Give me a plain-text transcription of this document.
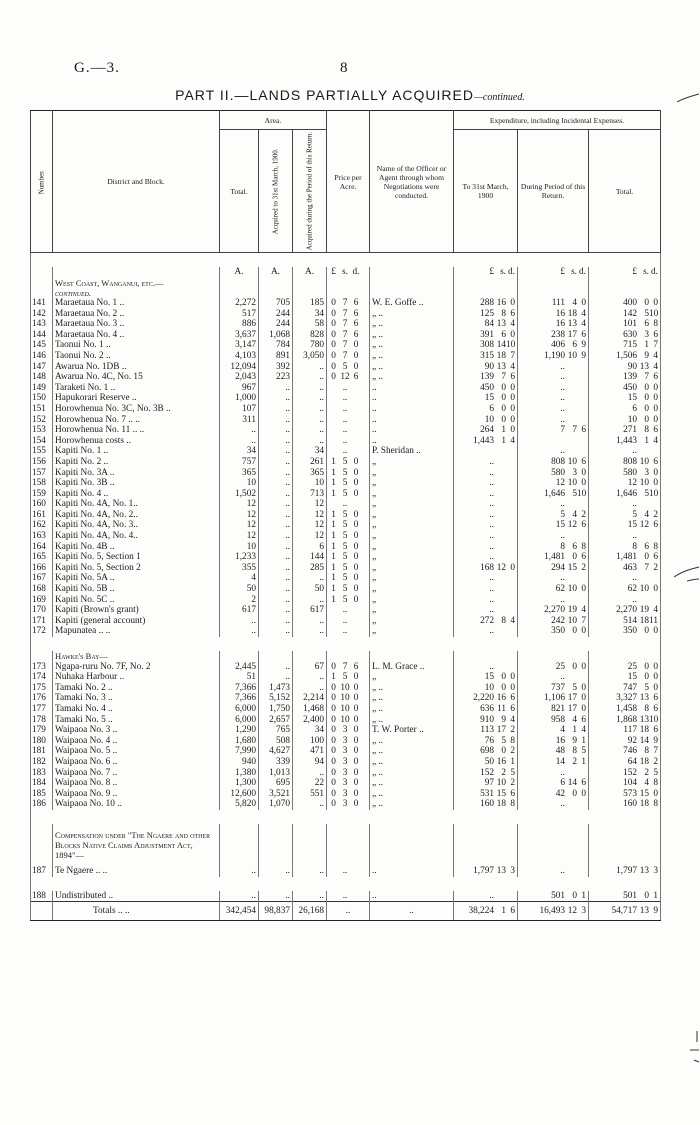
G.—3.	8
PART II.—LANDS PARTIALLY ACQUIRED—continued.
Number.	District and Block.	Area.			Price per Acre.	Name of the Officer or Agent through whom Negotiations were conducted.	Expenditure, including Incidental Expenses.		
		Total.	Acquired to 31st March, 1900.	Acquired during the Period of this Return.			To 31st March, 1900	During Period of this Return.	Total.

		A.	A.	A.	£ s. d.		£ s. d.	£ s. d.	£ s. d.

	West Coast, Wanganui, etc.—
continued.								
141	Maraetaua No. 1 ..	2,272	705	185	0 7 6	W. E. Goffe ..	288 16 0	111 4 0	400 0 0

142	Maraetaua No. 2 ..	517	244	34	0 7 6	„ ..	125 8 6	16 18 4	142 5 10

143	Maraetaua No. 3 ..	886	244	58	0 7 6	„ ..	84 13 4	16 13 4	101 6 8

144	Maraetaua No. 4 ..	3,637	1,068	828	0 7 6	„ ..	391 6 0	238 17 6	630 3 6

145	Taonui No. 1 ..	3,147	784	780	0 7 0	„ ..	308 14 10	406 6 9	715 1 7

146	Taonui No. 2 ..	4,103	891	3,050	0 7 0	„ ..	315 18 7	1,190 10 9	1,506 9 4

147	Awarua No. 1DB ..	12,094	392	..	0 5 0	„ ..	90 13 4	..	90 13 4

148	Awarua No. 4C, No. 15	2,043	223	..	0 12 6	„ ..	139 7 6	..	139 7 6

149	Taraketi No. 1 ..	967	..	..	..	..	450 0 0	..	450 0 0

150	Hapukorari Reserve ..	1,000	..	..	..	..	15 0 0	..	15 0 0

151	Horowhenua No. 3C, No. 3B ..	107	..	..	..	..	6 0 0	..	6 0 0

152	Horowhenua No. 7 .. ..	311	..	..	..	..	10 0 0	..	10 0 0

153	Horowhenua No. 11 .. ..	..	..	..	..	..	264 1 0	7 7 6	271 8 6

154	Horowhenua costs ..	..	..	..	..	..	1,443 1 4		1,443 1 4

155	Kapiti No. 1 ..	34	..	34	..	P. Sheridan ..		..	..

156	Kapiti No. 2 ..	757	..	261	1 5 0	„	..	808 10 6	808 10 6

157	Kapiti No. 3A ..	365	..	365	1 5 0	„	..	580 3 0	580 3 0

158	Kapiti No. 3B ..	10	..	10	1 5 0	„	..	12 10 0	12 10 0

159	Kapiti No. 4 ..	1,502	..	713	1 5 0	„	..	1,646 5 10	1,646 5 10

160	Kapiti No. 4A, No. 1..	12	..	12	..	„	..	..	..

161	Kapiti No. 4A, No. 2..	12	..	12	1 5 0	„	..	5 4 2	5 4 2

162	Kapiti No. 4A, No. 3..	12	..	12	1 5 0	„	..	15 12 6	15 12 6

163	Kapiti No. 4A, No. 4..	12	..	12	1 5 0	„	..	..	..

164	Kapiti No. 4B ..	10	..	6	1 5 0	„	..	8 6 8	8 6 8

165	Kapiti No. 5, Section 1	1,233	..	144	1 5 0	„	..	1,481 0 6	1,481 0 6

166	Kapiti No. 5, Section 2	355	..	285	1 5 0	„	168 12 0	294 15 2	463 7 2

167	Kapiti No. 5A ..	4	..	..	1 5 0	„	..	..	..

168	Kapiti No. 5B ..	50	..	50	1 5 0	„	..	62 10 0	62 10 0

169	Kapiti No. 5C ..	2	..	..	1 5 0	„	..	..	..

170	Kapiti (Brown's grant)	617	..	617	..	„	..	2,270 19 4	2,270 19 4

171	Kapiti (general account)	..	..	..	..	„	272 8 4	242 10 7	514 18 11

172	Mapunatea .. ..	..	..	..	..	„	..	350 0 0	350 0 0

	Hawke's Bay—								
173	Ngapa-ruru No. 7F, No. 2	2,445	..	67	0 7 6	L. M. Grace ..	..	25 0 0	25 0 0

174	Nuhaka Harbour ..	51	..	..	1 5 0	„	15 0 0	..	15 0 0

175	Tamaki No. 2 ..	7,366	1,473	..	0 10 0	„ ..	10 0 0	737 5 0	747 5 0

176	Tamaki No. 3 ..	7,366	5,152	2,214	0 10 0	„ ..	2,220 16 6	1,106 17 0	3,327 13 6

177	Tamaki No. 4 ..	6,000	1,750	1,468	0 10 0	„ ..	636 11 6	821 17 0	1,458 8 6

178	Tamaki No. 5 ..	6,000	2,657	2,400	0 10 0	„ ..	910 9 4	958 4 6	1,868 13 10

179	Waipaoa No. 3 ..	1,290	765	34	0 3 0	T. W. Porter ..	113 17 2	4 1 4	117 18 6

180	Waipaoa No. 4 ..	1,680	508	100	0 3 0	„ ..	76 5 8	16 9 1	92 14 9

181	Waipaoa No. 5 ..	7,990	4,627	471	0 3 0	„ ..	698 0 2	48 8 5	746 8 7

182	Waipaoa No. 6 ..	940	339	94	0 3 0	„ ..	50 16 1	14 2 1	64 18 2

183	Waipaoa No. 7 ..	1,380	1,013	..	0 3 0	„ ..	152 2 5	..	152 2 5

184	Waipaoa No. 8 ..	1,300	695	22	0 3 0	„ ..	97 10 2	6 14 6	104 4 8

185	Waipaoa No. 9 ..	12,600	3,521	551	0 3 0	„ ..	531 15 6	42 0 0	573 15 0

186	Waipaoa No. 10 ..	5,820	1,070	..	0 3 0	„ ..	160 18 8	..	160 18 8

	Compensation under "The Ngaere and other Blocks Native Claims Adjustment Act, 1894"—								
187	Te Ngaere .. ..	..	..	..	..	..	1,797 13 3	..	1,797 13 3

188	Undistributed ..	..	..	..	..	..	..	501 0 1	501 0 1

	Totals .. ..	342,454	98,837	26,168	..	..	38,224 1 6	16,493 12 3	54,717 13 9
